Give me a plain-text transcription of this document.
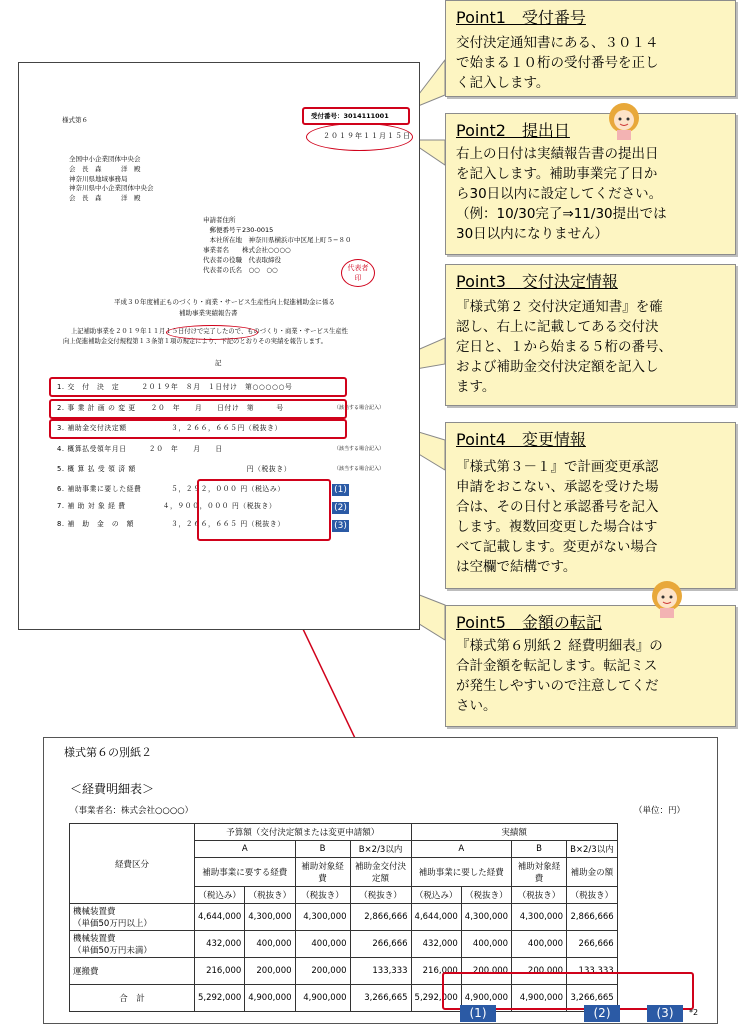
様式第６	受付番号：3014111001
２０１９年１１月１５日
全国中小企業団体中央会
会　長　森　　　洋　殿
神奈川県地域事務局
神奈川県中小企業団体中央会
会　長　森　　　洋　殿
申請者住所
　郵便番号〒230-0015
　本社所在地　神奈川県横浜市中区尾上町５−８０
事業者名　　株式会社○○○○
代表者の役職　代表取締役
代表者の氏名　○○　○○	代表者
印
平成３０年度補正ものづくり・商業・サービス生産性向上促進補助金に係る
補助事業実績報告書
上記補助事業を２０１９年１１月１５日付けで完了したので、ものづくり・商業・サービス生産性
向上促進補助金交付規程第１３条第１項の規定により、下記のとおりその実績を報告します。
記
1. 交　付　決　定　　　２０１９年　８月　１日付け　第○○○○○号
2. 事 業 計 画 の 変 更　　２０　年　　月　　日付け　第　　　号	（該当する場合記入）
3. 補助金交付決定額　　　　　　３，２６６，６６５円（税抜き）
4. 概算払受領年月日　　　２０　年　　月　　日	（該当する場合記入）
5. 概 算 払 受 領 済 額　　　　　　　　　　　　　　　円（税抜き）	（該当する場合記入）
6. 補助事業に要した経費　　　　５，２９２，０００ 円（税込み）
7. 補 助 対 象 経 費　　　　　４，９００，０００ 円（税抜き）
8. 補　助　金　の　額　　　　　３，２６６，６６５ 円（税抜き）
(1)
(2)
(3)
Point1　受付番号
交付決定通知書にある、３０１４
で始まる１０桁の受付番号を正し
く記入します。
Point2　提出日
右上の日付は実績報告書の提出日
を記入します。補助事業完了日か
ら30日以内に設定してください。
（例：10/30完了⇒11/30提出では
30日以内になりません）
Point3　交付決定情報
『様式第２ 交付決定通知書』を確
認し、右上に記載してある交付決
定日と、１から始まる５桁の番号、
および補助金交付決定額を記入し
ます。
Point4　変更情報
『様式第３－１』で計画変更承認
申請をおこない、承認を受けた場
合は、その日付と承認番号を記入
します。複数回変更した場合はす
べて記載します。変更がない場合
は空欄で結構です。
Point5　金額の転記
『様式第６別紙２ 経費明細表』の
合計金額を転記します。転記ミス
が発生しやすいので注意してくだ
さい。
様式第６の別紙２
＜経費明細表＞
（事業者名：株式会社○○○○）	（単位：円）
経費区分	予算額（交付決定額または変更申請額）				実績額			
	A		B	B×2/3以内	A		B	B×2/3以内
	補助事業に要する経費		補助対象経費	補助金交付決定額	補助事業に要した経費		補助対象経費	補助金の額
	（税込み）	（税抜き）	（税抜き）	（税抜き）	（税込み）	（税抜き）	（税抜き）	（税抜き）

機械装置費
（単価50万円以上）	4,644,000	4,300,000	4,300,000	2,866,666	4,644,000	4,300,000	4,300,000	2,866,666

機械装置費
（単価50万円未満）	432,000	400,000	400,000	266,666	432,000	400,000	400,000	266,666
運搬費	216,000	200,000	200,000	133,333	216,000	200,000	200,000	133,333
合　計	5,292,000	4,900,000	4,900,000	3,266,665	5,292,000	4,900,000	4,900,000	3,266,665
(1)	(2)	(3)	*2
